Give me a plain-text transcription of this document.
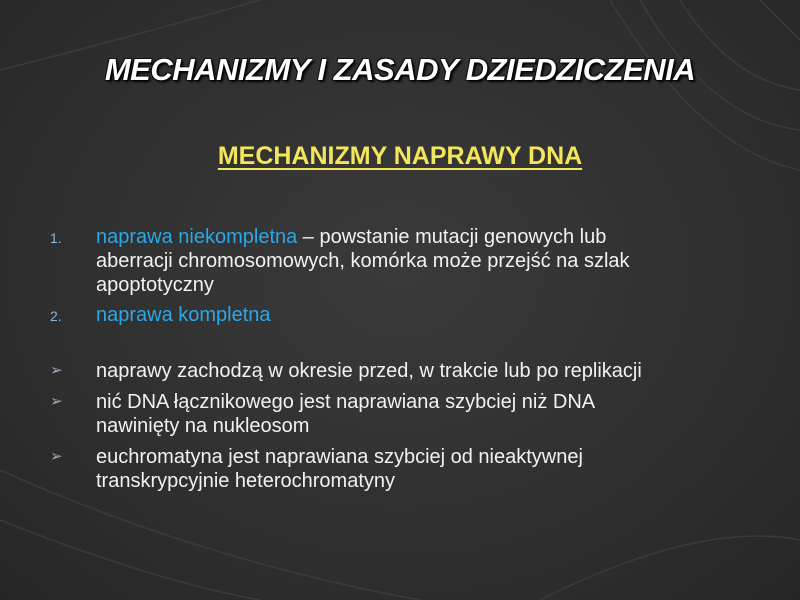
MECHANIZMY I ZASADY DZIEDZICZENIA
MECHANIZMY NAPRAWY DNA
1.	naprawa niekompletna – powstanie mutacji genowych lub aberracji chromosomowych, komórka może przejść na szlak apoptotyczny
2.	naprawa kompletna
➢	naprawy zachodzą w okresie przed, w trakcie lub po replikacji
➢	nić DNA łącznikowego jest naprawiana szybciej niż DNA nawinięty na nukleosom
➢	euchromatyna jest naprawiana szybciej od nieaktywnej transkrypcyjnie heterochromatyny
